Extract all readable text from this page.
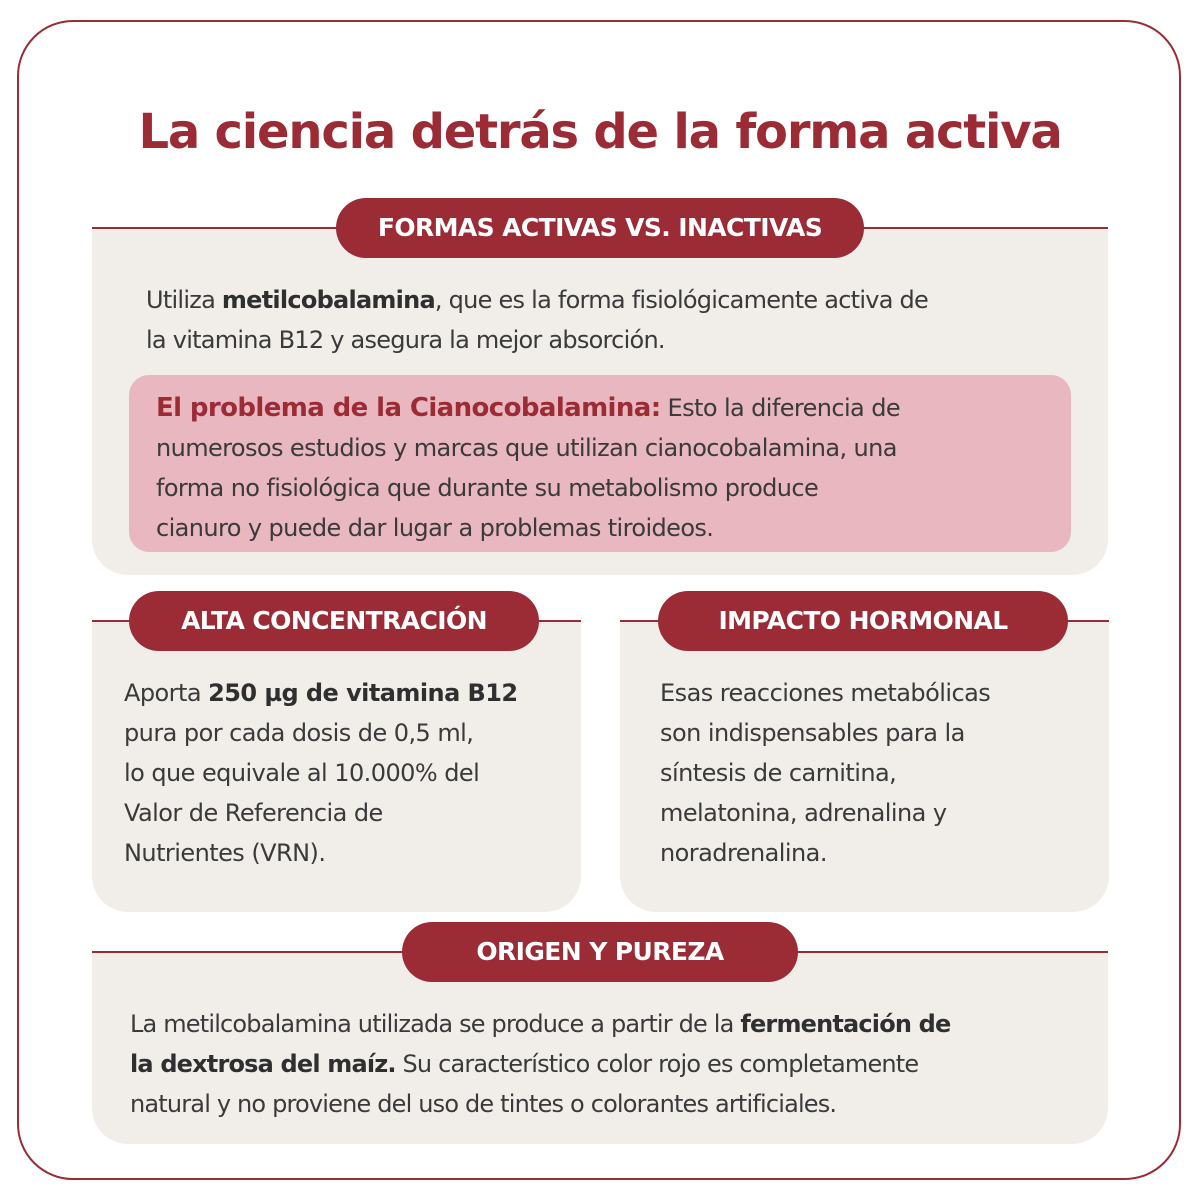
La ciencia detrás de la forma activa
FORMAS ACTIVAS VS. INACTIVAS
Utiliza metilcobalamina, que es la forma fisiológicamente activa de
la vitamina B12 y asegura la mejor absorción.
El problema de la Cianocobalamina: Esto la diferencia de
numerosos estudios y marcas que utilizan cianocobalamina, una
forma no fisiológica que durante su metabolismo produce
cianuro y puede dar lugar a problemas tiroideos.
ALTA CONCENTRACIÓN
Aporta 250 µg de vitamina B12
pura por cada dosis de 0,5 ml,
lo que equivale al 10.000% del
Valor de Referencia de
Nutrientes (VRN).
IMPACTO HORMONAL
Esas reacciones metabólicas
son indispensables para la
síntesis de carnitina,
melatonina, adrenalina y
noradrenalina.
ORIGEN Y PUREZA
La metilcobalamina utilizada se produce a partir de la fermentación de
la dextrosa del maíz. Su característico color rojo es completamente
natural y no proviene del uso de tintes o colorantes artificiales.
